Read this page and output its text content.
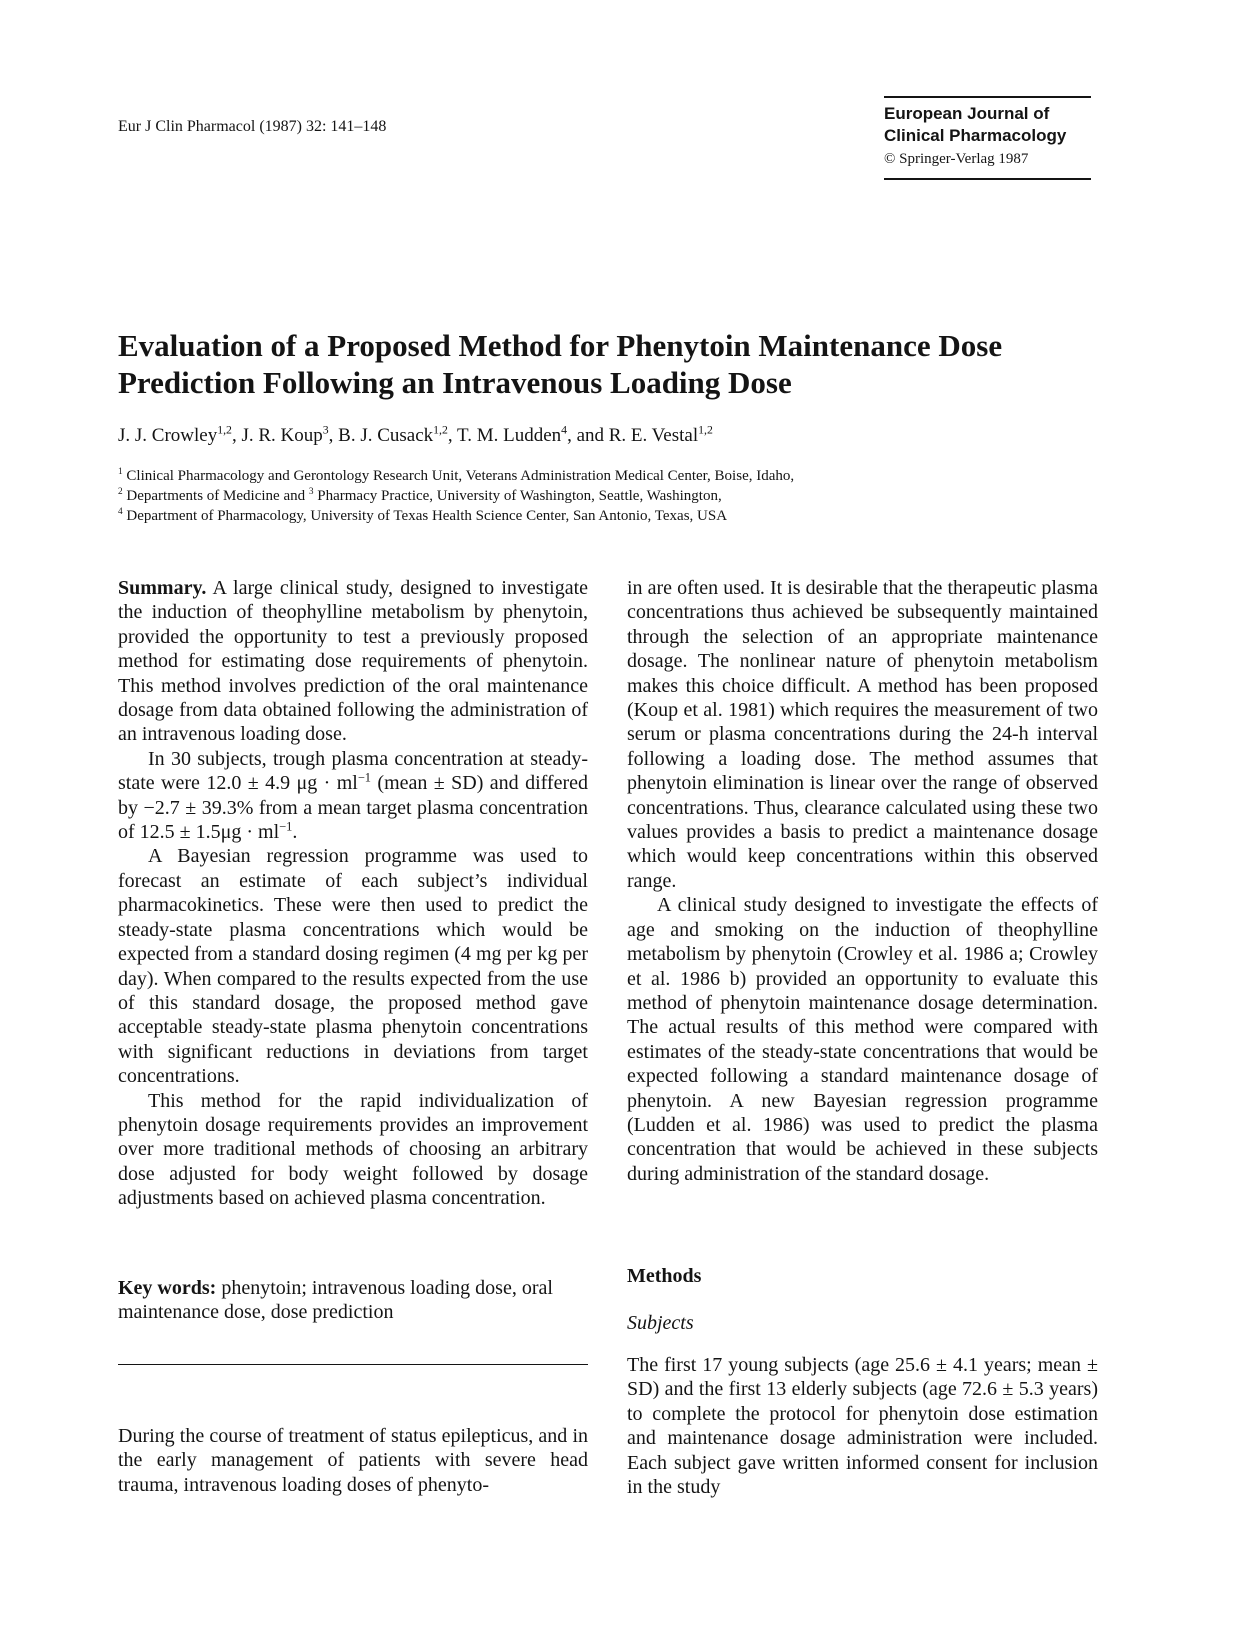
Eur J Clin Pharmacol (1987) 32: 141–148
European Journal of
Clinical Pharmacology
© Springer-Verlag 1987
Evaluation of a Proposed Method for Phenytoin Maintenance Dose
Prediction Following an Intravenous Loading Dose
J. J. Crowley$^{1,2}$, J. R. Koup$^3$, B. J. Cusack$^{1,2}$, T. M. Ludden$^4$, and R. E. Vestal$^{1,2}$
$^1$ Clinical Pharmacology and Gerontology Research Unit, Veterans Administration Medical Center, Boise, Idaho,
$^2$ Departments of Medicine and $^3$ Pharmacy Practice, University of Washington, Seattle, Washington,
$^4$ Department of Pharmacology, University of Texas Health Science Center, San Antonio, Texas, USA

Summary. A large clinical study, designed to investigate the induction of theophylline metabolism by phenytoin, provided the opportunity to test a previously proposed method for estimating dose requirements of phenytoin. This method involves prediction of the oral maintenance dosage from data obtained following the administration of an intravenous loading dose.

In 30 subjects, trough plasma concentration at steady-state were 12.0 ± 4.9 $\mu g \cdot ml^{-1}$ (mean ± SD) and differed by −2.7 ± 39.3% from a mean target plasma concentration of $12.5 \pm 1.5\mu g \cdot ml^{-1}$.

A Bayesian regression programme was used to forecast an estimate of each subject’s individual pharmacokinetics. These were then used to predict the steady-state plasma concentrations which would be expected from a standard dosing regimen (4 mg per kg per day). When compared to the results expected from the use of this standard dosage, the proposed method gave acceptable steady-state plasma phenytoin concentrations with significant reductions in deviations from target concentrations.

This method for the rapid individualization of phenytoin dosage requirements provides an improvement over more traditional methods of choosing an arbitrary dose adjusted for body weight followed by dosage adjustments based on achieved plasma concentration.

Key words: phenytoin; intravenous loading dose, oral maintenance dose, dose prediction

During the course of treatment of status epilepticus, and in the early management of patients with severe head trauma, intravenous loading doses of phenyto-

in are often used. It is desirable that the therapeutic plasma concentrations thus achieved be subsequently maintained through the selection of an appropriate maintenance dosage. The nonlinear nature of phenytoin metabolism makes this choice difficult. A method has been proposed (Koup et al. 1981) which requires the measurement of two serum or plasma concentrations during the 24-h interval following a loading dose. The method assumes that phenytoin elimination is linear over the range of observed concentrations. Thus, clearance calculated using these two values provides a basis to predict a maintenance dosage which would keep concentrations within this observed range.

A clinical study designed to investigate the effects of age and smoking on the induction of theophylline metabolism by phenytoin (Crowley et al. 1986 a; Crowley et al. 1986 b) provided an opportunity to evaluate this method of phenytoin maintenance dosage determination. The actual results of this method were compared with estimates of the steady-state concentrations that would be expected following a standard maintenance dosage of phenytoin. A new Bayesian regression programme (Ludden et al. 1986) was used to predict the plasma concentration that would be achieved in these subjects during administration of the standard dosage.

Methods
Subjects

The first 17 young subjects (age 25.6 ± 4.1 years; mean ± SD) and the first 13 elderly subjects (age 72.6 ± 5.3 years) to complete the protocol for phenytoin dose estimation and maintenance dosage administration were included. Each subject gave written informed consent for inclusion in the study
